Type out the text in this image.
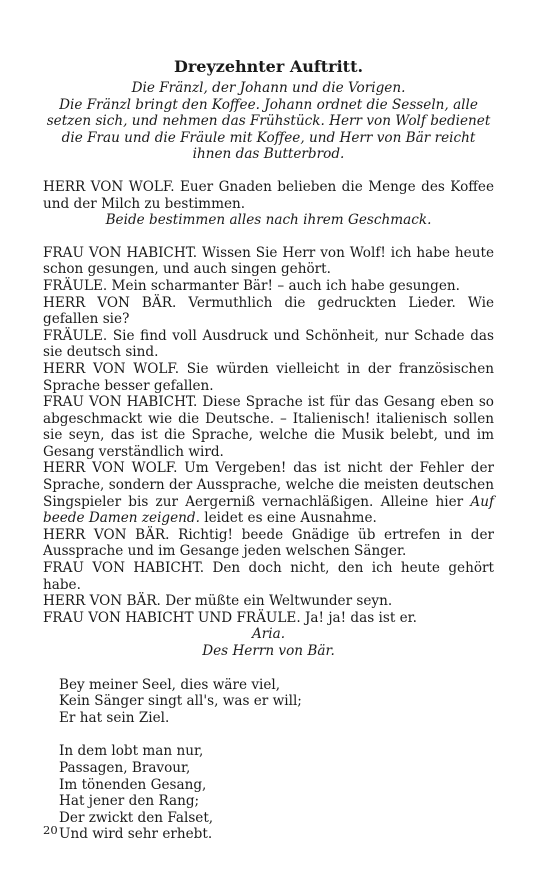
Dreyzehnter Auftritt.

Die Fränzl, der Johann und die Vorigen.

Die Fränzl bringt den Koffee. Johann ordnet die Sesseln, alle setzen sich, und nehmen das Frühstück. Herr von Wolf bedienet die Frau und die Fräule mit Koffee, und Herr von Bär reicht ihnen das Butterbrod.

HERR VON WOLF. Euer Gnaden belieben die Menge des Koffee und der Milch zu bestimmen.

Beide bestimmen alles nach ihrem Geschmack.

FRAU VON HABICHT. Wissen Sie Herr von Wolf! ich habe heute schon gesungen, und auch singen gehört.

FRÄULE. Mein scharmanter Bär! – auch ich habe gesungen.

HERR VON BÄR. Vermuthlich die gedruckten Lieder. Wie gefallen sie?

FRÄULE. Sie find voll Ausdruck und Schönheit, nur Schade das sie deutsch sind.

HERR VON WOLF. Sie würden vielleicht in der französischen Sprache besser gefallen.

FRAU VON HABICHT. Diese Sprache ist für das Gesang eben so abgeschmackt wie die Deutsche. – Italienisch! italienisch sollen sie seyn, das ist die Sprache, welche die Musik belebt, und im Gesang verständlich wird.

HERR VON WOLF. Um Vergeben! das ist nicht der Fehler der Sprache, sondern der Aussprache, welche die meisten deutschen Singspieler bis zur Aergerniß vernachläßigen. Alleine hier Auf beede Damen zeigend. leidet es eine Ausnahme.

HERR VON BÄR. Richtig! beede Gnädige üb ertrefen in der Aussprache und im Gesange jeden welschen Sänger.

FRAU VON HABICHT. Den doch nicht, den ich heute gehört habe.

HERR VON BÄR. Der müßte ein Weltwunder seyn.

FRAU VON HABICHT UND FRÄULE. Ja! ja! das ist er.

Aria.

Des Herrn von Bär.

Bey meiner Seel, dies wäre viel,
Kein Sänger singt all's, was er will;
Er hat sein Ziel.
In dem lobt man nur,
Passagen, Bravour,
Im tönenden Gesang,
Hat jener den Rang;
Der zwickt den Falset,
Und wird sehr erhebt.
20
